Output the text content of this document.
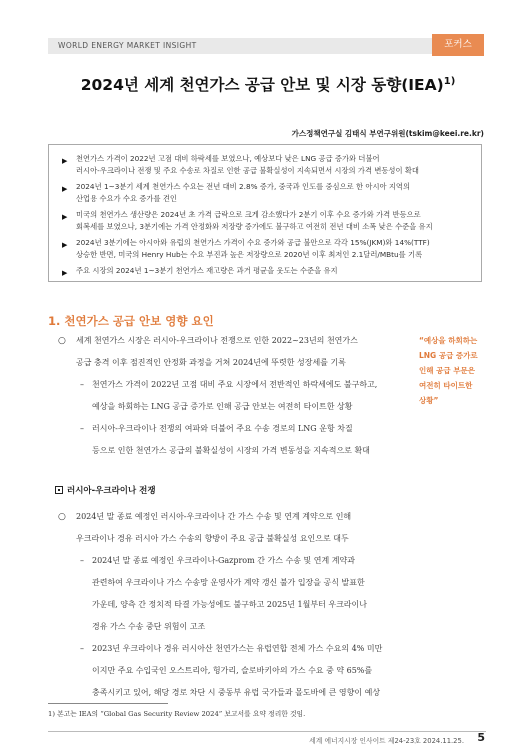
WORLD ENERGY MARKET INSIGHT	포커스
2024년 세계 천연가스 공급 안보 및 시장 동향(IEA)$^{1)}$
가스정책연구실 김태식 부연구위원(tskim@keei.re.kr)
▶ 천연가스 가격이 2022년 고점 대비 하락세를 보였으나, 예상보다 낮은 LNG 공급 증가와 더불어
러시아-우크라이나 전쟁 및 주요 수송로 차질로 인한 공급 불확실성이 지속되면서 시장의 가격 변동성이 확대
▶ 2024년 1~3분기 세계 천연가스 수요는 전년 대비 2.8% 증가, 중국과 인도를 중심으로 한 아시아 지역의
산업용 수요가 수요 증가를 견인
▶ 미국의 천연가스 생산량은 2024년 초 가격 급락으로 크게 감소했다가 2분기 이후 수요 증가와 가격 반등으로
회복세를 보였으나, 3분기에는 가격 안정화와 저장량 증가에도 불구하고 여전히 전년 대비 소폭 낮은 수준을 유지
▶ 2024년 3분기에는 아시아와 유럽의 천연가스 가격이 수요 증가와 공급 불안으로 각각 15%(JKM)와 14%(TTF)
상승한 반면, 미국의 Henry Hub는 수요 부진과 높은 저장량으로 2020년 이후 최저인 2.1달러/MBtu를 기록
▶ 주요 시장의 2024년 1~3분기 천연가스 재고량은 과거 평균을 웃도는 수준을 유지
1. 천연가스 공급 안보 영향 요인
○ 세계 천연가스 시장은 러시아-우크라이나 전쟁으로 인한 2022~23년의 천연가스
공급 충격 이후 점진적인 안정화 과정을 거쳐 2024년에 뚜렷한 성장세를 기록
– 천연가스 가격이 2022년 고점 대비 주요 시장에서 전반적인 하락세에도 불구하고,
예상을 하회하는 LNG 공급 증가로 인해 공급 안보는 여전히 타이트한 상황
– 러시아-우크라이나 전쟁의 여파와 더불어 주요 수송 경로의 LNG 운항 차질
등으로 인한 천연가스 공급의 불확실성이 시장의 가격 변동성을 지속적으로 확대
“예상을 하회하는
LNG 공급 증가로
인해 공급 부문은
여전히 타이트한
상황”
러시아-우크라이나 전쟁
○ 2024년 말 종료 예정인 러시아-우크라이나 간 가스 수송 및 연계 계약으로 인해
우크라이나 경유 러시아 가스 수송의 향방이 주요 공급 불확실성 요인으로 대두
– 2024년 말 종료 예정인 우크라이나-Gazprom 간 가스 수송 및 연계 계약과
관련하여 우크라이나 가스 수송망 운영사가 계약 갱신 불가 입장을 공식 발표한
가운데, 양측 간 정치적 타결 가능성에도 불구하고 2025년 1월부터 우크라이나
경유 가스 수송 중단 위험이 고조
– 2023년 우크라이나 경유 러시아산 천연가스는 유럽연합 전체 가스 수요의 4% 미만
이지만 주요 수입국인 오스트리아, 헝가리, 슬로바키아의 가스 수요 중 약 65%를
충족시키고 있어, 해당 경로 차단 시 중동부 유럽 국가들과 몰도바에 큰 영향이 예상
1) 본고는 IEA의 “Global Gas Security Review 2024” 보고서를 요약 정리한 것임.
세계 에너지시장 인사이트 제24-23호 2024.11.25. 5
